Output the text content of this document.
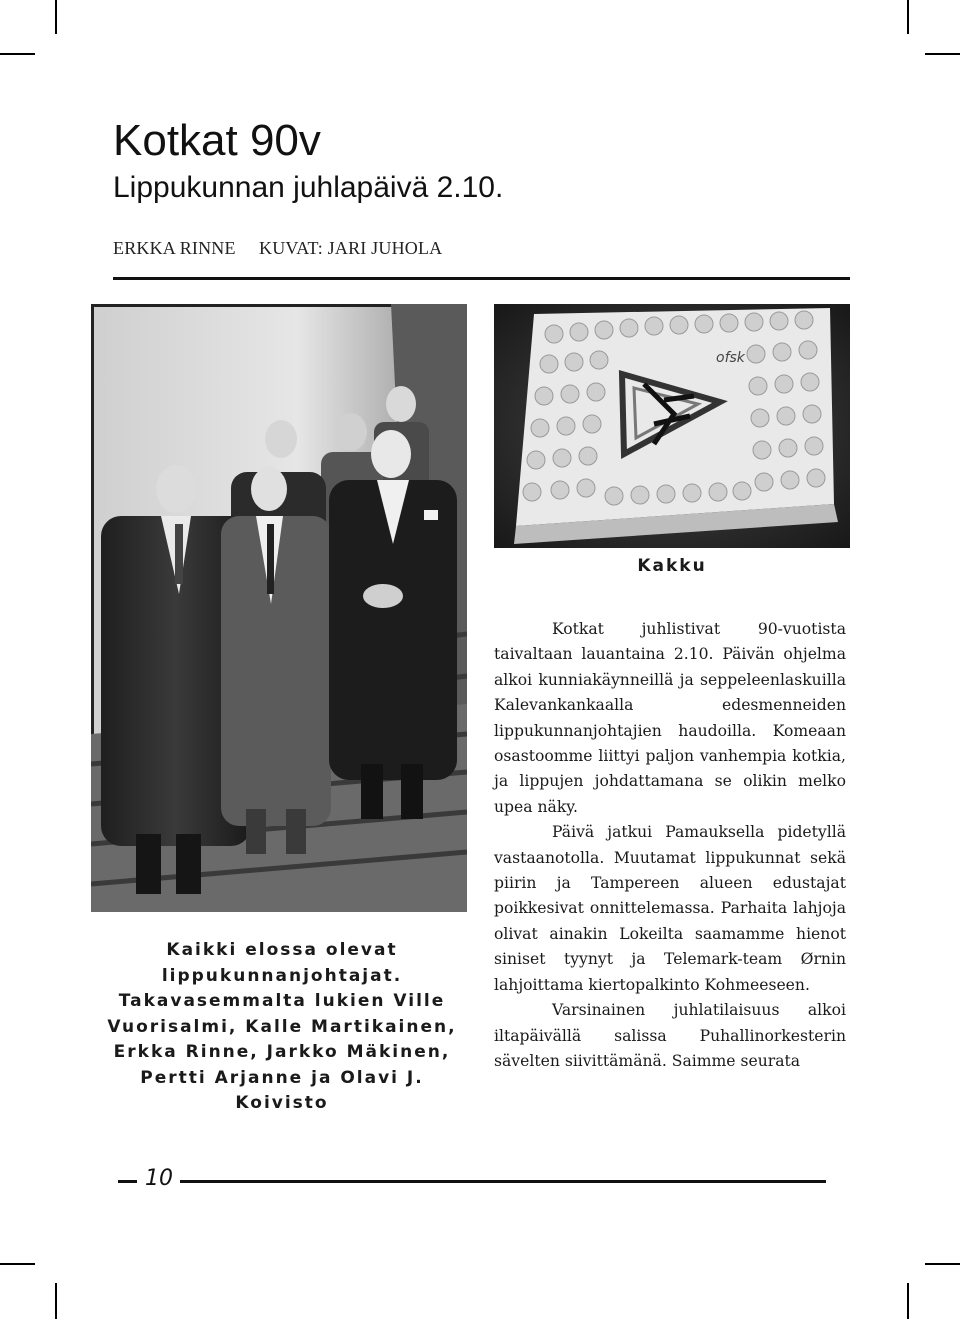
Kotkat 90v
Lippukunnan juhlapäivä 2.10.
ERKKA RINNE KUVAT: JARI JUHOLA
ofsk
Kakku
Kaikki elossa olevat
lippukunnanjohtajat.
Takavasemmalta lukien Ville
Vuorisalmi, Kalle Martikainen,
Erkka Rinne, Jarkko Mäkinen,
Pertti Arjanne ja Olavi J. Koivisto

Kotkat juhlistivat 90-vuotista taivaltaan lauantaina 2.10. Päivän ohjelma alkoi kunniakäynneillä ja seppeleenlaskuilla Kalevankankaalla edesmenneiden lippukunnanjohtajien haudoilla. Komeaan osastoomme liittyi paljon vanhempia kotkia, ja lippujen johdattamana se olikin melko upea näky.

Päivä jatkui Pamauksella pidetyllä vastaanotolla. Muutamat lippukunnat sekä piirin ja Tampereen alueen edustajat poikkesivat onnittelemassa. Parhaita lahjoja olivat ainakin Lokeilta saamamme hienot siniset tyynyt ja Telemark-team Ørnin lahjoittama kiertopalkinto Kohmeeseen.

Varsinainen juhlatilaisuus alkoi iltapäivällä salissa Puhallinorkesterin sävelten siivittämänä. Saimme seurata

10
